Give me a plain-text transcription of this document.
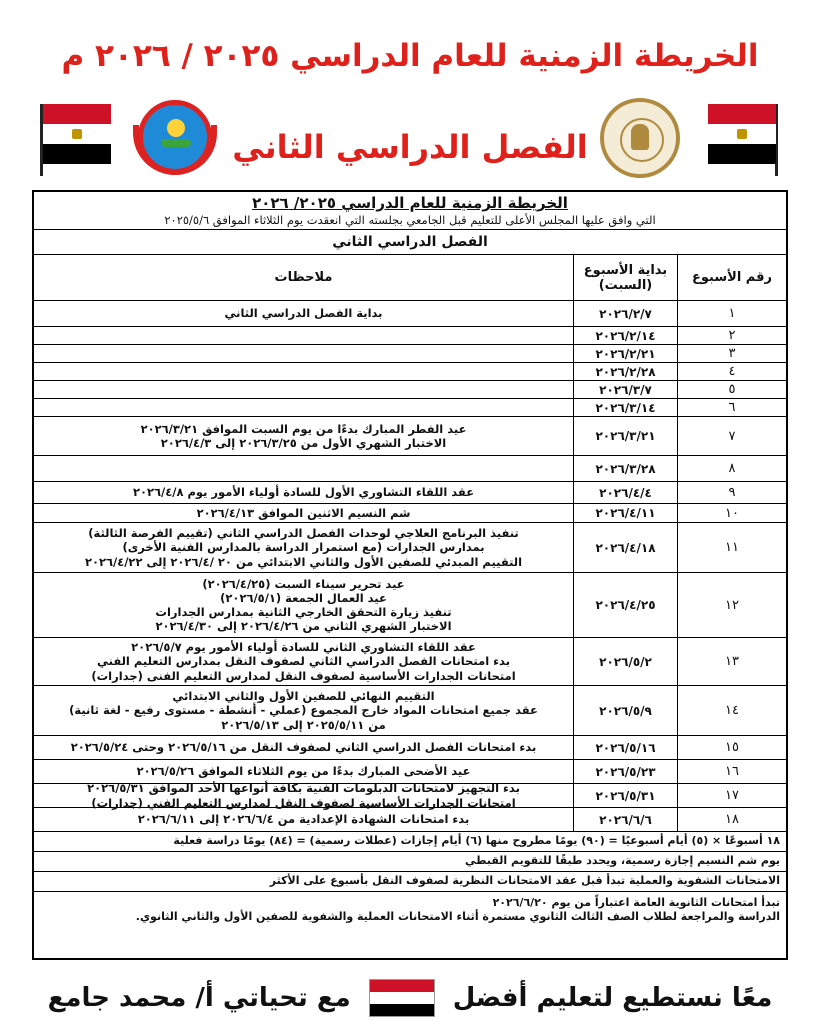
الخريطة الزمنية للعام الدراسي ٢٠٢٥ / ٢٠٢٦ م
الفصل الدراسي الثاني
الخريطة الزمنية للعام الدراسي ٢٠٢٥/ ٢٠٢٦
التي وافق عليها المجلس الأعلى للتعليم قبل الجامعي بجلسته التي انعقدت يوم الثلاثاء الموافق ٢٠٢٥/٥/٦
الفصل الدراسي الثاني
رقم الأسبوع
بداية الأسبوع
(السبت)
ملاحظات
١
٢٠٢٦/٢/٧
بداية الفصل الدراسي الثاني
٢
٢٠٢٦/٢/١٤
٣
٢٠٢٦/٢/٢١
٤
٢٠٢٦/٢/٢٨
٥
٢٠٢٦/٣/٧
٦
٢٠٢٦/٣/١٤
٧
٢٠٢٦/٣/٢١
عيد الفطر المبارك بدءًا من يوم السبت الموافق ٢٠٢٦/٣/٢١
الاختبار الشهري الأول من ٢٠٢٦/٣/٢٥ إلى ٢٠٢٦/٤/٣
٨
٢٠٢٦/٣/٢٨
٩
٢٠٢٦/٤/٤
عقد اللقاء التشاوري الأول للسادة أولياء الأمور يوم ٢٠٢٦/٤/٨
١٠
٢٠٢٦/٤/١١
شم النسيم الاثنين الموافق ٢٠٢٦/٤/١٣
١١
٢٠٢٦/٤/١٨
تنفيذ البرنامج العلاجي لوحدات الفصل الدراسي الثاني (تقييم الفرصة الثالثة)
بمدارس الجدارات (مع استمرار الدراسة بالمدارس الفنية الأخرى)
التقييم المبدئي للصفين الأول والثاني الابتدائي من ٢٠ /٢٠٢٦/٤ إلى ٢٠٢٦/٤/٢٢
١٢
٢٠٢٦/٤/٢٥
عيد تحرير سيناء السبت (٢٠٢٦/٤/٢٥)
عيد العمال الجمعة (٢٠٢٦/٥/١)
تنفيذ زيارة التحقق الخارجي الثانية بمدارس الجدارات
الاختبار الشهري الثاني من ٢٠٢٦/٤/٢٦ إلى ٢٠٢٦/٤/٣٠
١٣
٢٠٢٦/٥/٢
عقد اللقاء التشاوري الثاني للسادة أولياء الأمور يوم ٢٠٢٦/٥/٧
بدء امتحانات الفصل الدراسي الثاني لصفوف النقل بمدارس التعليم الفني
امتحانات الجدارات الأساسية لصفوف النقل لمدارس التعليم الفنى (جدارات)
١٤
٢٠٢٦/٥/٩
التقييم النهائي للصفين الأول والثاني الابتدائي
عقد جميع امتحانات المواد خارج المجموع (عملي - أنشطة - مستوى رفيع - لغة ثانية)
من ٢٠٢٥/٥/١١ إلى ٢٠٢٦/٥/١٣
١٥
٢٠٢٦/٥/١٦
بدء امتحانات الفصل الدراسي الثاني لصفوف النقل من ٢٠٢٦/٥/١٦ وحتى ٢٠٢٦/٥/٢٤
١٦
٢٠٢٦/٥/٢٣
عيد الأضحى المبارك بدءًا من يوم الثلاثاء الموافق ٢٠٢٦/٥/٢٦
١٧
٢٠٢٦/٥/٣١
بدء التجهيز لامتحانات الدبلومات الفنية بكافة أنواعها الأحد الموافق ٢٠٢٦/٥/٣١
امتحانات الجدارات الأساسية لصفوف النقل لمدارس التعليم الفني (جدارات)
١٨
٢٠٢٦/٦/٦
بدء امتحانات الشهادة الإعدادية من ٢٠٢٦/٦/٤ إلى ٢٠٢٦/٦/١١
١٨ أسبوعًا × (٥) أيام أسبوعيًا = (٩٠) يومًا مطروح منها (٦) أيام إجازات (عطلات رسمية) = (٨٤) يومًا دراسة فعلية
يوم شم النسيم إجازة رسمية، ويحدد طبقًا للتقويم القبطي
الامتحانات الشفوية والعملية تبدأ قبل عقد الامتحانات النظرية لصفوف النقل بأسبوع على الأكثر
تبدأ امتحانات الثانوية العامة اعتباراً من يوم ٢٠٢٦/٦/٢٠
الدراسة والمراجعة لطلاب الصف الثالث الثانوي مستمرة أثناء الامتحانات العملية والشفوية للصفين الأول والثاني الثانوي.
معًا نستطيع لتعليم أفضل
مع تحياتي أ/ محمد جامع
